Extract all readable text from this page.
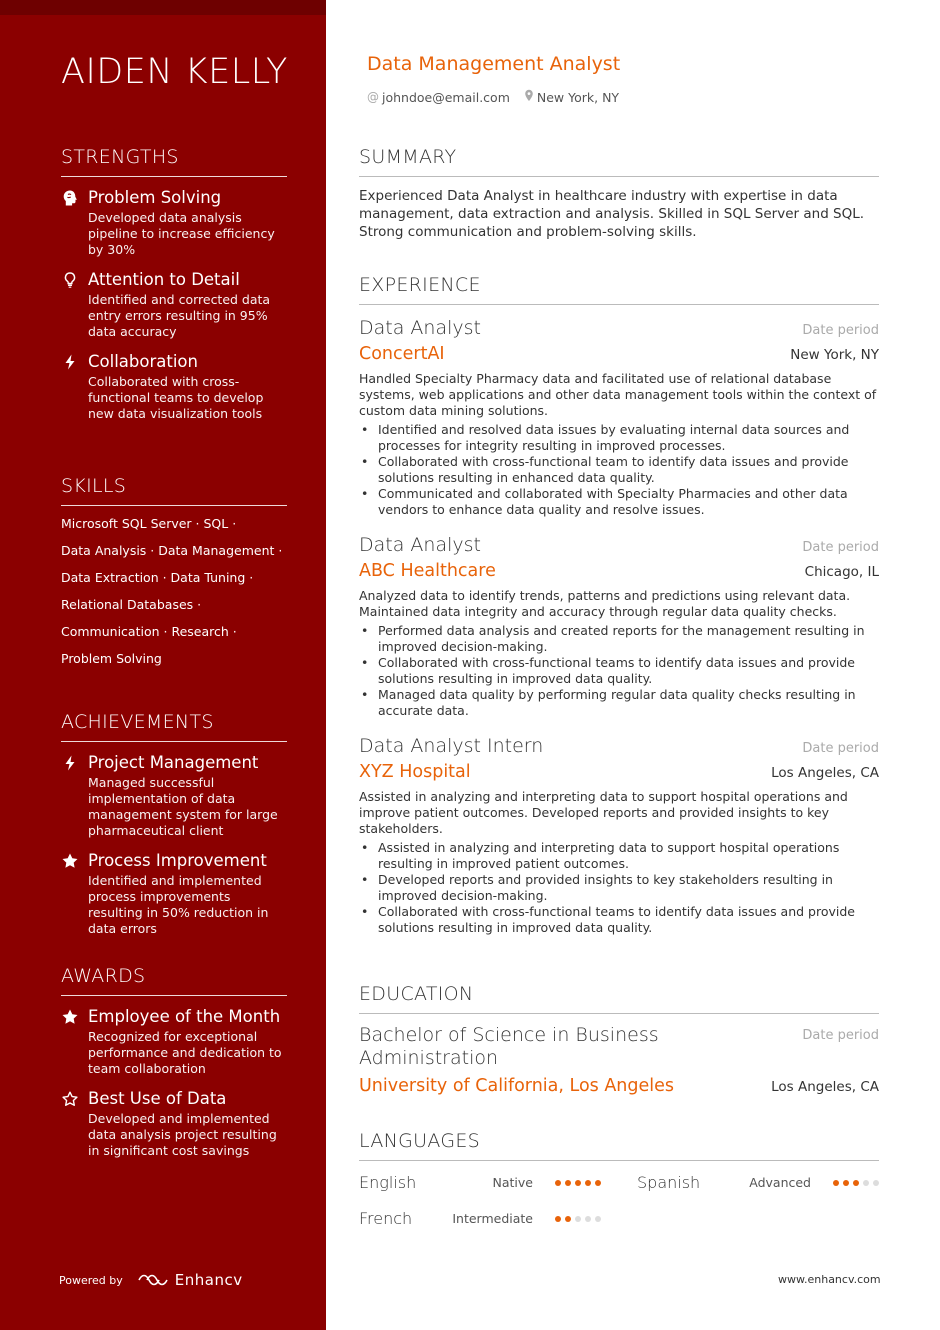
AIDEN KELLY
STRENGTHS
Problem Solving
Developed data analysis pipeline to increase efficiency by 30%
Attention to Detail
Identified and corrected data entry errors resulting in 95% data accuracy
Collaboration
Collaborated with cross-functional teams to develop new data visualization tools
SKILLS
Microsoft SQL Server · SQL ·
Data Analysis · Data Management ·
Data Extraction · Data Tuning ·
Relational Databases ·
Communication · Research ·
Problem Solving
ACHIEVEMENTS
Project Management
Managed successful implementation of data management system for large pharmaceutical client
Process Improvement
Identified and implemented process improvements resulting in 50% reduction in data errors
AWARDS
Employee of the Month
Recognized for exceptional performance and dedication to team collaboration
Best Use of Data
Developed and implemented data analysis project resulting in significant cost savings
Powered by	Enhancv
Data Management Analyst
@ johndoe@email.com New York, NY
SUMMARY
Experienced Data Analyst in healthcare industry with expertise in data management, data extraction and analysis. Skilled in SQL Server and SQL. Strong communication and problem-solving skills.
EXPERIENCE
Data Analyst	Date period
ConcertAI	New York, NY
Handled Specialty Pharmacy data and facilitated use of relational database systems, web applications and other data management tools within the context of custom data mining solutions.
• Identified and resolved data issues by evaluating internal data sources and processes for integrity resulting in improved processes.
• Collaborated with cross-functional team to identify data issues and provide solutions resulting in enhanced data quality.
• Communicated and collaborated with Specialty Pharmacies and other data vendors to enhance data quality and resolve issues.
Data Analyst	Date period
ABC Healthcare	Chicago, IL
Analyzed data to identify trends, patterns and predictions using relevant data. Maintained data integrity and accuracy through regular data quality checks.
• Performed data analysis and created reports for the management resulting in improved decision-making.
• Collaborated with cross-functional teams to identify data issues and provide solutions resulting in improved data quality.
• Managed data quality by performing regular data quality checks resulting in accurate data.
Data Analyst Intern	Date period
XYZ Hospital	Los Angeles, CA
Assisted in analyzing and interpreting data to support hospital operations and improve patient outcomes. Developed reports and provided insights to key stakeholders.
• Assisted in analyzing and interpreting data to support hospital operations resulting in improved patient outcomes.
• Developed reports and provided insights to key stakeholders resulting in improved decision-making.
• Collaborated with cross-functional teams to identify data issues and provide solutions resulting in improved data quality.
EDUCATION
Bachelor of Science in Business Administration
Date period
University of California, Los Angeles	Los Angeles, CA
LANGUAGES
English	Native	Spanish	Advanced
French	Intermediate
www.enhancv.com
